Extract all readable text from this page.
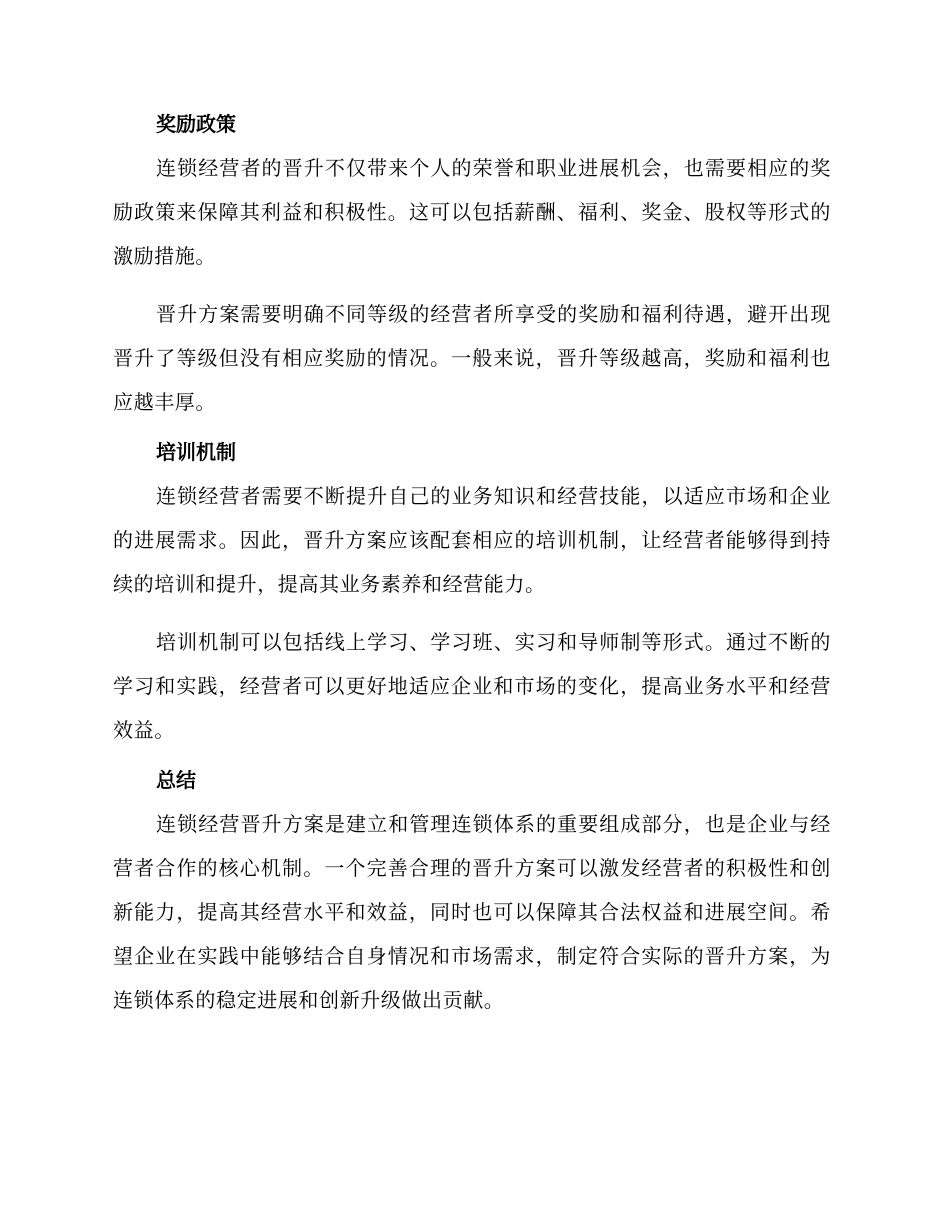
奖励政策

连锁经营者的晋升不仅带来个人的荣誉和职业进展机会，也需要相应的奖励政策来保障其利益和积极性。这可以包括薪酬、福利、奖金、股权等形式的激励措施。

晋升方案需要明确不同等级的经营者所享受的奖励和福利待遇，避开出现晋升了等级但没有相应奖励的情况。一般来说，晋升等级越高，奖励和福利也应越丰厚。

培训机制

连锁经营者需要不断提升自己的业务知识和经营技能，以适应市场和企业的进展需求。因此，晋升方案应该配套相应的培训机制，让经营者能够得到持续的培训和提升，提高其业务素养和经营能力。

培训机制可以包括线上学习、学习班、实习和导师制等形式。通过不断的学习和实践，经营者可以更好地适应企业和市场的变化，提高业务水平和经营效益。

总结

连锁经营晋升方案是建立和管理连锁体系的重要组成部分，也是企业与经营者合作的核心机制。一个完善合理的晋升方案可以激发经营者的积极性和创新能力，提高其经营水平和效益，同时也可以保障其合法权益和进展空间。希望企业在实践中能够结合自身情况和市场需求，制定符合实际的晋升方案，为连锁体系的稳定进展和创新升级做出贡献。
